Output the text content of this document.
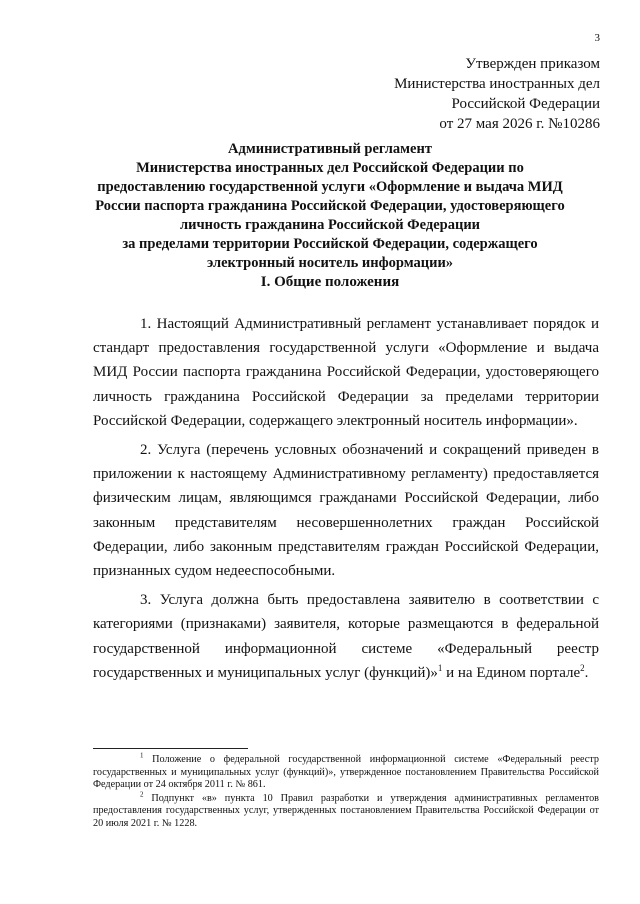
3
Утвержден приказом
Министерства иностранных дел
Российской Федерации
от 27 мая 2026 г. №10286
Административный регламент
Министерства иностранных дел Российской Федерации по
предоставлению государственной услуги «Оформление и выдача МИД
России паспорта гражданина Российской Федерации, удостоверяющего
личность гражданина Российской Федерации
за пределами территории Российской Федерации, содержащего
электронный носитель информации»
I. Общие положения

1. Настоящий Административный регламент устанавливает порядок и стандарт предоставления государственной услуги «Оформление и выдача МИД России паспорта гражданина Российской Федерации, удостоверяющего личность гражданина Российской Федерации за пределами территории Российской Федерации, содержащего электронный носитель информации».

2. Услуга (перечень условных обозначений и сокращений приведен в приложении к настоящему Административному регламенту) предоставляется физическим лицам, являющимся гражданами Российской Федерации, либо законным представителям несовершеннолетних граждан Российской Федерации, либо законным представителям граждан Российской Федерации, признанных судом недееспособными.

3. Услуга должна быть предоставлена заявителю в соответствии с категориями (признаками) заявителя, которые размещаются в федеральной государственной информационной системе «Федеральный реестр государственных и муниципальных услуг (функций)»$^1$ и на Едином портале$^2$.

$^1$ Положение о федеральной государственной информационной системе «Федеральный реестр государственных и муниципальных услуг (функций)», утвержденное постановлением Правительства Российской Федерации от 24 октября 2011 г. № 861.

$^2$ Подпункт «в» пункта 10 Правил разработки и утверждения административных регламентов предоставления государственных услуг, утвержденных постановлением Правительства Российской Федерации от 20 июля 2021 г. № 1228.
